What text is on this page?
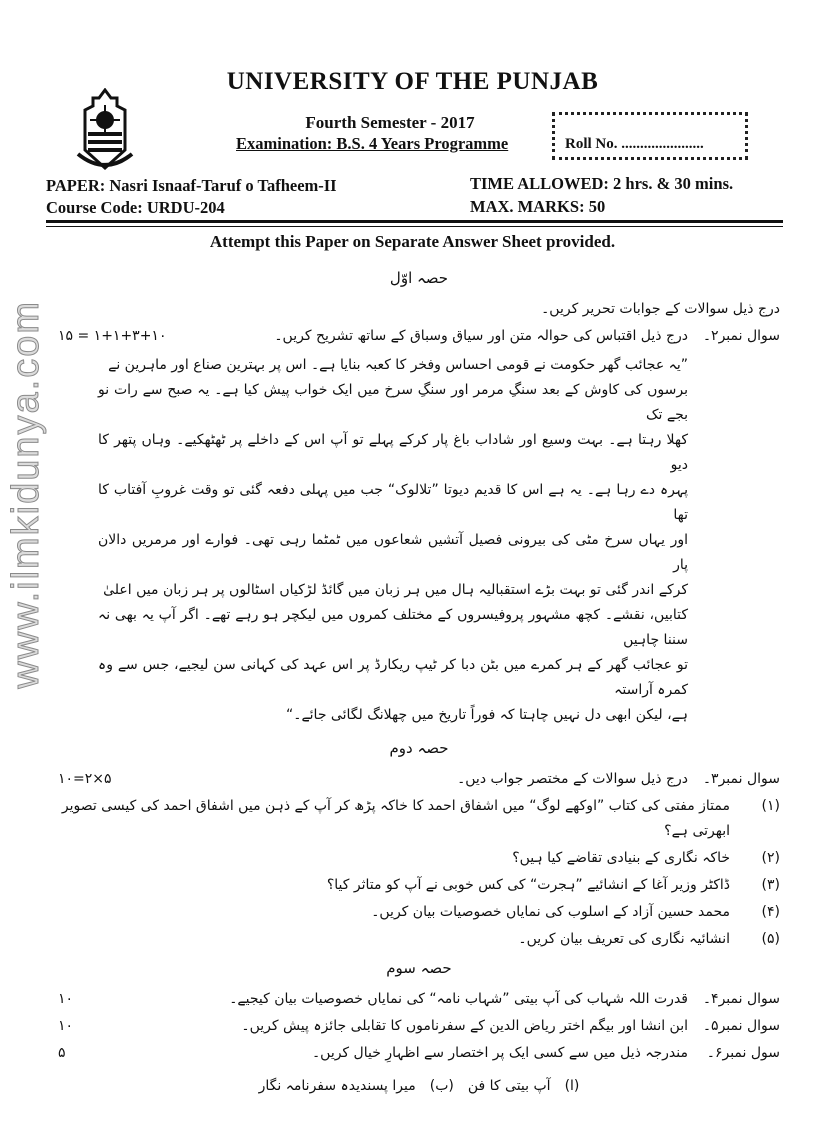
www.ilmkidunya.com
UNIVERSITY OF THE PUNJAB
Fourth Semester - 2017
Examination: B.S. 4 Years Programme	Roll No. ......................
PAPER: Nasri Isnaaf-Taruf o Tafheem-II
Course Code: URDU-204
TIME ALLOWED: 2 hrs. & 30 mins.
MAX. MARKS: 50
Attempt this Paper on Separate Answer Sheet provided.
حصہ اوّل
درج ذیل سوالات کے جوابات تحریر کریں۔
سوال نمبر۲۔
درج ذیل اقتباس کی حوالہ متن اور سیاق وسباق کے ساتھ تشریح کریں۔
۱۵ = ۱+۱+۳+۱۰
”یہ عجائب گھر حکومت نے قومی احساس وفخر کا کعبہ بنایا ہے۔ اس پر بہترین صناع اور ماہرین نے
برسوں کی کاوش کے بعد سنگِ مرمر اور سنگِ سرخ میں ایک خواب پیش کیا ہے۔ یہ صبح سے رات نو بجے تک
کھلا رہتا ہے۔ بہت وسیع اور شاداب باغ پار کرکے پہلے تو آپ اس کے داخلے پر ٹھٹھکیے۔ وہاں پتھر کا دیو
پہرہ دے رہا ہے۔ یہ ہے اس کا قدیم دیوتا ”تلالوک“ جب میں پہلی دفعہ گئی تو وقت غروبِ آفتاب کا تھا
اور یہاں سرخ مٹی کی بیرونی فصیل آتشیں شعاعوں میں ٹمٹما رہی تھی۔ فوارے اور مرمریں دالان پار
کرکے اندر گئی تو بہت بڑے استقبالیہ ہال میں ہر زبان میں گائڈ لڑکیاں اسٹالوں پر ہر زبان میں اعلیٰ
کتابیں، نقشے۔ کچھ مشہور پروفیسروں کے مختلف کمروں میں لیکچر ہو رہے تھے۔ اگر آپ یہ بھی نہ سننا چاہیں
تو عجائب گھر کے ہر کمرے میں بٹن دبا کر ٹیپ ریکارڈ پر اس عہد کی کہانی سن لیجیے، جس سے وہ کمرہ آراستہ
ہے، لیکن ابھی دل نہیں چاہتا کہ فوراً تاریخ میں چھلانگ لگائی جائے۔“
حصہ دوم
سوال نمبر۳۔
درج ذیل سوالات کے مختصر جواب دیں۔
۱۰=۲×۵
(۱)
ممتاز مفتی کی کتاب ”اوکھے لوگ“ میں اشفاق احمد کا خاکہ پڑھ کر آپ کے ذہن میں اشفاق احمد کی کیسی تصویر ابھرتی ہے؟
(۲)
خاکہ نگاری کے بنیادی تقاضے کیا ہیں؟
(۳)
ڈاکٹر وزیر آغا کے انشائیے ”ہجرت“ کی کس خوبی نے آپ کو متاثر کیا؟
(۴)
محمد حسین آزاد کے اسلوب کی نمایاں خصوصیات بیان کریں۔
(۵)
انشائیہ نگاری کی تعریف بیان کریں۔
حصہ سوم
سوال نمبر۴۔
قدرت اللہ شہاب کی آپ بیتی ”شہاب نامہ“ کی نمایاں خصوصیات بیان کیجیے۔
۱۰
سوال نمبر۵۔
ابن انشا اور بیگم اختر ریاض الدین کے سفرناموں کا تقابلی جائزہ پیش کریں۔
۱۰
سول نمبر۶۔
مندرجہ ذیل میں سے کسی ایک پر اختصار سے اظہارِ خیال کریں۔
۵
(ا)
آپ بیتی کا فن
(ب)
میرا پسندیدہ سفرنامہ نگار
